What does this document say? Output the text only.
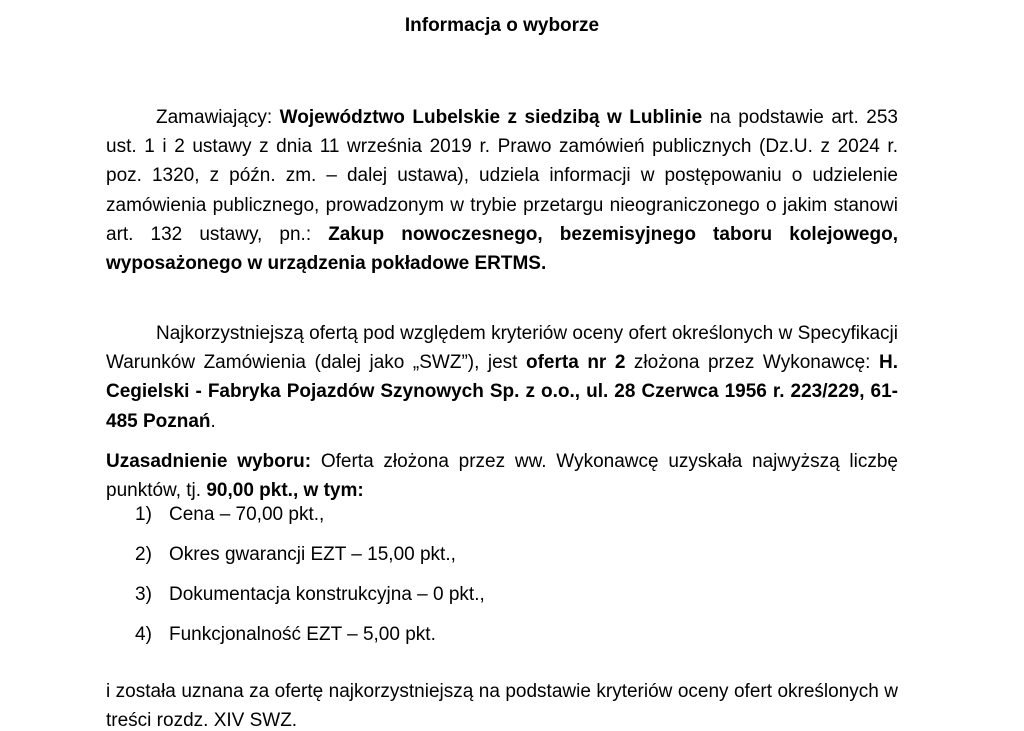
Informacja o wyborze

Zamawiający: Województwo Lubelskie z siedzibą w Lublinie na podstawie art. 253 ust. 1 i 2 ustawy z dnia 11 września 2019 r. Prawo zamówień publicznych (Dz.U. z 2024 r. poz. 1320, z późn. zm. – dalej ustawa), udziela informacji w postępowaniu o udzielenie zamówienia publicznego, prowadzonym w trybie przetargu nieograniczonego o jakim stanowi art. 132 ustawy, pn.: Zakup nowoczesnego, bezemisyjnego taboru kolejowego, wyposażonego w urządzenia pokładowe ERTMS.

Najkorzystniejszą ofertą pod względem kryteriów oceny ofert określonych w Specyfikacji Warunków Zamówienia (dalej jako „SWZ”), jest oferta nr 2 złożona przez Wykonawcę: H. Cegielski - Fabryka Pojazdów Szynowych Sp. z o.o., ul. 28 Czerwca 1956 r. 223/229, 61-485 Poznań.

Uzasadnienie wyboru: Oferta złożona przez ww. Wykonawcę uzyskała najwyższą liczbę punktów, tj. 90,00 pkt., w tym:

1) Cena – 70,00 pkt.,
2) Okres gwarancji EZT – 15,00 pkt.,
3) Dokumentacja konstrukcyjna – 0 pkt.,
4) Funkcjonalność EZT – 5,00 pkt.

i została uznana za ofertę najkorzystniejszą na podstawie kryteriów oceny ofert określonych w treści rozdz. XIV SWZ.
